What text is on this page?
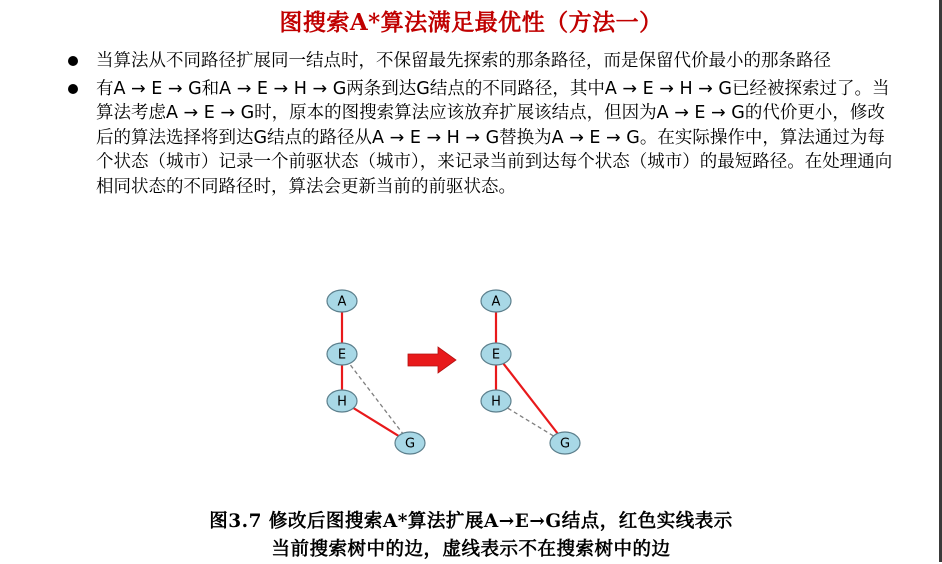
图搜索A*算法满足最优性（方法一）
当算法从不同路径扩展同一结点时，不保留最先探索的那条路径，而是保留代价最小的那条路径
有A → E → G和A → E → H → G两条到达G结点的不同路径，其中A → E → H → G已经被探索过了。当算法考虑A → E → G时，原本的图搜索算法应该放弃扩展该结点，但因为A → E → G的代价更小，修改后的算法选择将到达G结点的路径从A → E → H → G替换为A → E → G。在实际操作中，算法通过为每个状态（城市）记录一个前驱状态（城市），来记录当前到达每个状态（城市）的最短路径。在处理通向相同状态的不同路径时，算法会更新当前的前驱状态。
A
E
H
G
A
E
H
G
图3.7 修改后图搜索A*算法扩展A→E→G结点，红色实线表示
当前搜索树中的边，虚线表示不在搜索树中的边
